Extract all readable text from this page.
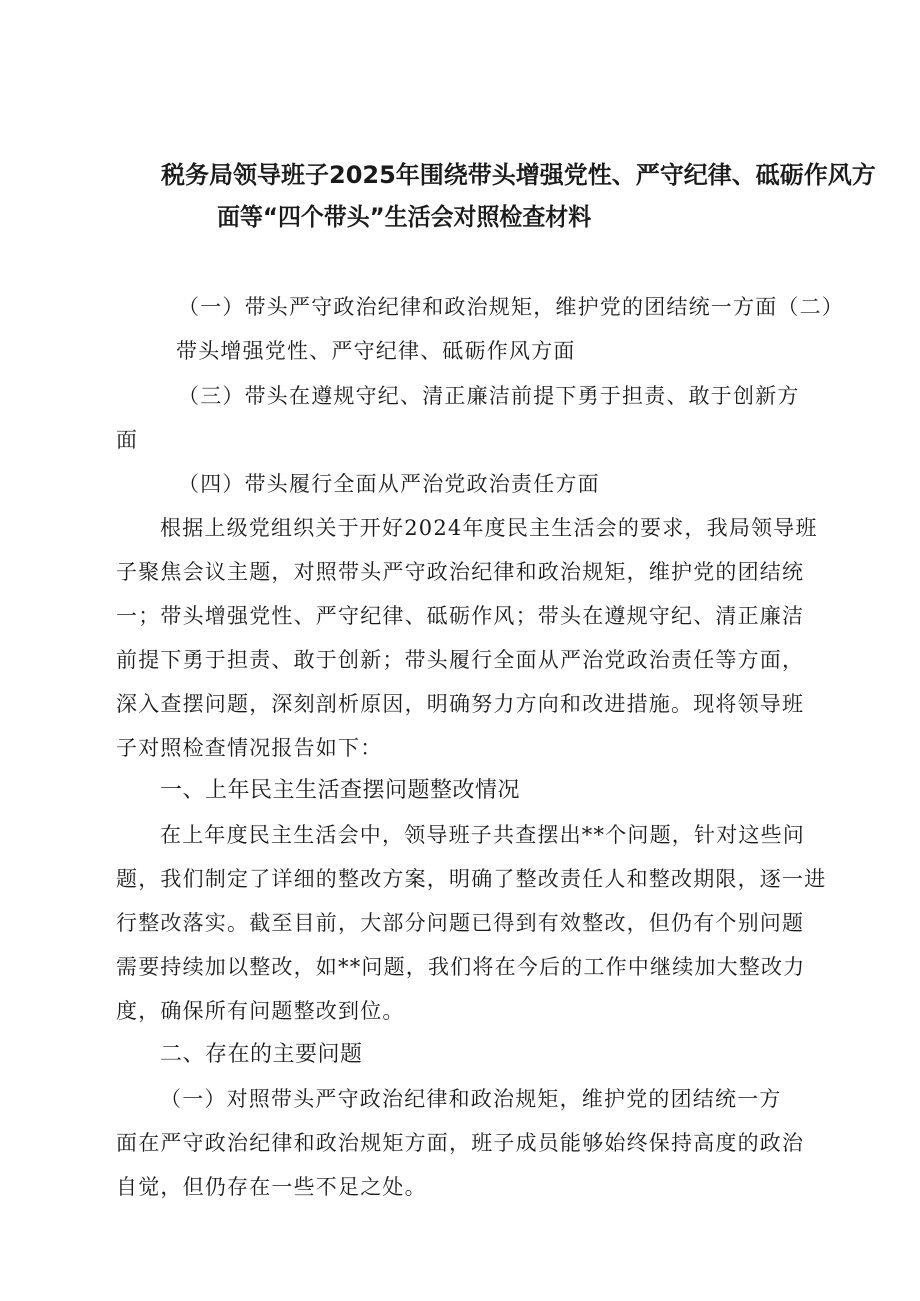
税务局领导班子2025年围绕带头增强党性、严守纪律、砥砺作风方
面等“四个带头”生活会对照检查材料
（一）带头严守政治纪律和政治规矩，维护党的团结统一方面（二）
带头增强党性、严守纪律、砥砺作风方面
（三）带头在遵规守纪、清正廉洁前提下勇于担责、敢于创新方
面
（四）带头履行全面从严治党政治责任方面
根据上级党组织关于开好2024年度民主生活会的要求，我局领导班
子聚焦会议主题，对照带头严守政治纪律和政治规矩，维护党的团结统
一；带头增强党性、严守纪律、砥砺作风；带头在遵规守纪、清正廉洁
前提下勇于担责、敢于创新；带头履行全面从严治党政治责任等方面，
深入查摆问题，深刻剖析原因，明确努力方向和改进措施。现将领导班
子对照检查情况报告如下：
一、上年民主生活查摆问题整改情况
在上年度民主生活会中，领导班子共查摆出**个问题，针对这些问
题，我们制定了详细的整改方案，明确了整改责任人和整改期限，逐一进
行整改落实。截至目前，大部分问题已得到有效整改，但仍有个别问题
需要持续加以整改，如**问题，我们将在今后的工作中继续加大整改力
度，确保所有问题整改到位。
二、存在的主要问题
（一）对照带头严守政治纪律和政治规矩，维护党的团结统一方
面在严守政治纪律和政治规矩方面，班子成员能够始终保持高度的政治
自觉，但仍存在一些不足之处。
